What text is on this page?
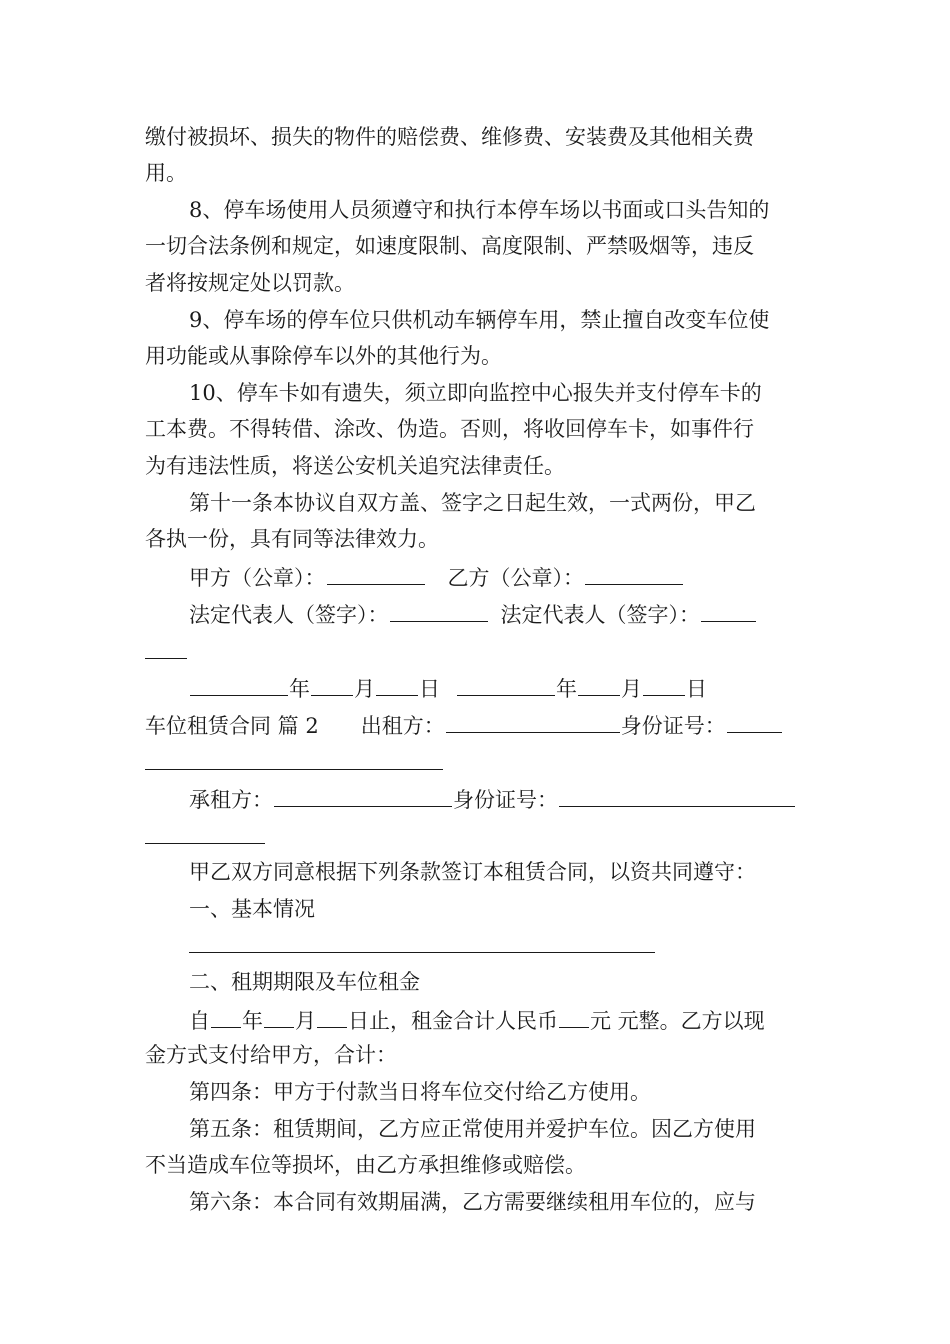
缴付被损坏、损失的物件的赔偿费、维修费、安装费及其他相关费
用。
8、停车场使用人员须遵守和执行本停车场以书面或口头告知的
一切合法条例和规定，如速度限制、高度限制、严禁吸烟等，违反
者将按规定处以罚款。
9、停车场的停车位只供机动车辆停车用，禁止擅自改变车位使
用功能或从事除停车以外的其他行为。
10、停车卡如有遗失，须立即向监控中心报失并支付停车卡的
工本费。不得转借、涂改、伪造。否则，将收回停车卡，如事件行
为有违法性质，将送公安机关追究法律责任。
第十一条本协议自双方盖、签字之日起生效，一式两份，甲乙
各执一份，具有同等法律效力。
甲方（公章）：	乙方（公章）：
法定代表人（签字）：	法定代表人（签字）：
年 月 日	年 月 日
车位租赁合同 篇 2 出租方：	身份证号：
承租方：	身份证号：
甲乙双方同意根据下列条款签订本租赁合同，以资共同遵守：
一、基本情况
二、租期期限及车位租金
自 年 月 日止，租金合计人民币 元 元整。乙方以现
金方式支付给甲方，合计：
第四条：甲方于付款当日将车位交付给乙方使用。
第五条：租赁期间，乙方应正常使用并爱护车位。因乙方使用
不当造成车位等损坏，由乙方承担维修或赔偿。
第六条：本合同有效期届满，乙方需要继续租用车位的，应与
